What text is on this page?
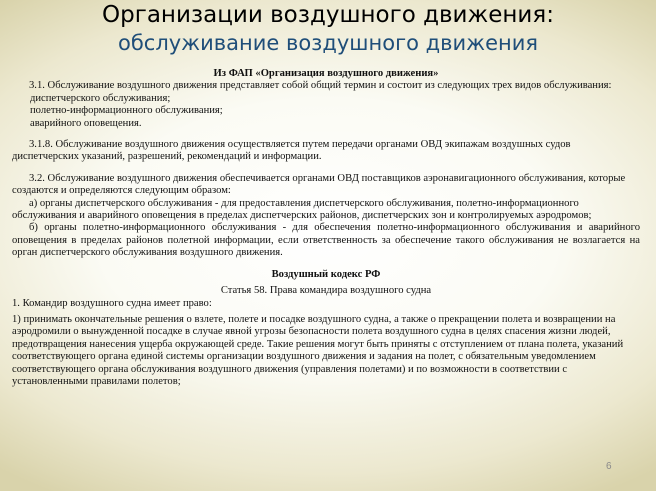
Организации воздушного движения:
обслуживание воздушного движения

Из ФАП «Организация воздушного движения»

3.1. Обслуживание воздушного движения представляет собой общий термин и состоит из следующих трех видов обслуживания:

диспетчерского обслуживания;

полетно-информационного обслуживания;

аварийного оповещения.

3.1.8. Обслуживание воздушного движения осуществляется путем передачи органами ОВД экипажам воздушных судов диспетчерских указаний, разрешений, рекомендаций и информации.

3.2. Обслуживание воздушного движения обеспечивается органами ОВД поставщиков аэронавигационного обслуживания, которые создаются и определяются следующим образом:

а) органы диспетчерского обслуживания - для предоставления диспетчерского обслуживания, полетно-информационного обслуживания и аварийного оповещения в пределах диспетчерских районов, диспетчерских зон и контролируемых аэродромов;

б) органы полетно-информационного обслуживания - для обеспечения полетно-информационного обслуживания и аварийного оповещения в пределах районов полетной информации, если ответственность за обеспечение такого обслуживания не возлагается на орган диспетчерского обслуживания воздушного движения.

Воздушный кодекс РФ

Статья 58. Права командира воздушного судна

1. Командир воздушного судна имеет право:

1) принимать окончательные решения о взлете, полете и посадке воздушного судна, а также о прекращении полета и возвращении на аэродромили о вынужденной посадке в случае явной угрозы безопасности полета воздушного судна в целях спасения жизни людей, предотвращения нанесения ущерба окружающей среде. Такие решения могут быть приняты с отступлением от плана полета, указаний соответствующего органа единой системы организации воздушного движения и задания на полет, с обязательным уведомлением соответствующего органа обслуживания воздушного движения (управления полетами) и по возможности в соответствии с установленными правилами полетов;

6
